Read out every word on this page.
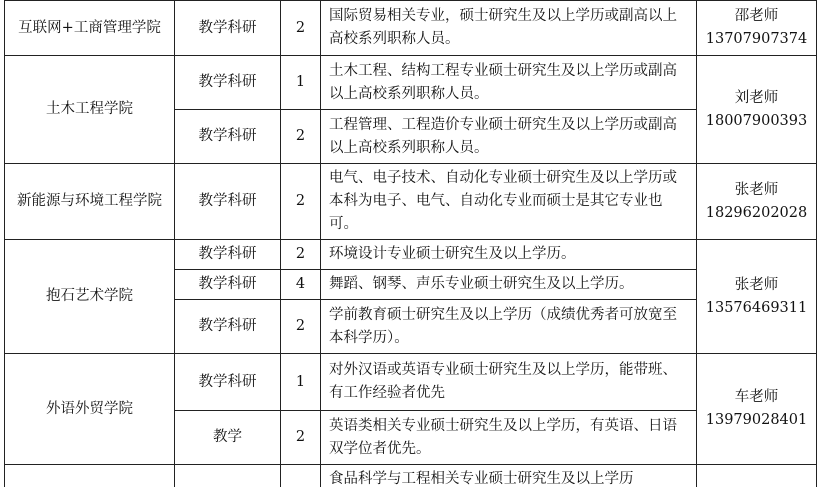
互联网+工商管理学院	教学科研	2	国际贸易相关专业，硕士研究生及以上学历或副高以上高校系列职称人员。	邵老师
13707907374

土木工程学院	教学科研	1	土木工程、结构工程专业硕士研究生及以上学历或副高以上高校系列职称人员。	刘老师
18007900393

	教学科研	2	工程管理、工程造价专业硕士研究生及以上学历或副高以上高校系列职称人员。	
新能源与环境工程学院	教学科研	2	电气、电子技术、自动化专业硕士研究生及以上学历或本科为电子、电气、自动化专业而硕士是其它专业也可。	张老师
18296202028

抱石艺术学院	教学科研	2	环境设计专业硕士研究生及以上学历。	张老师
13576469311

	教学科研	4	舞蹈、钢琴、声乐专业硕士研究生及以上学历。	
	教学科研	2	学前教育硕士研究生及以上学历（成绩优秀者可放宽至本科学历）。	
外语外贸学院	教学科研	1	对外汉语或英语专业硕士研究生及以上学历，能带班、有工作经验者优先	车老师
13979028401

	教学	2	英语类相关专业硕士研究生及以上学历，有英语、日语双学位者优先。	

			食品科学与工程相关专业硕士研究生及以上学历	
